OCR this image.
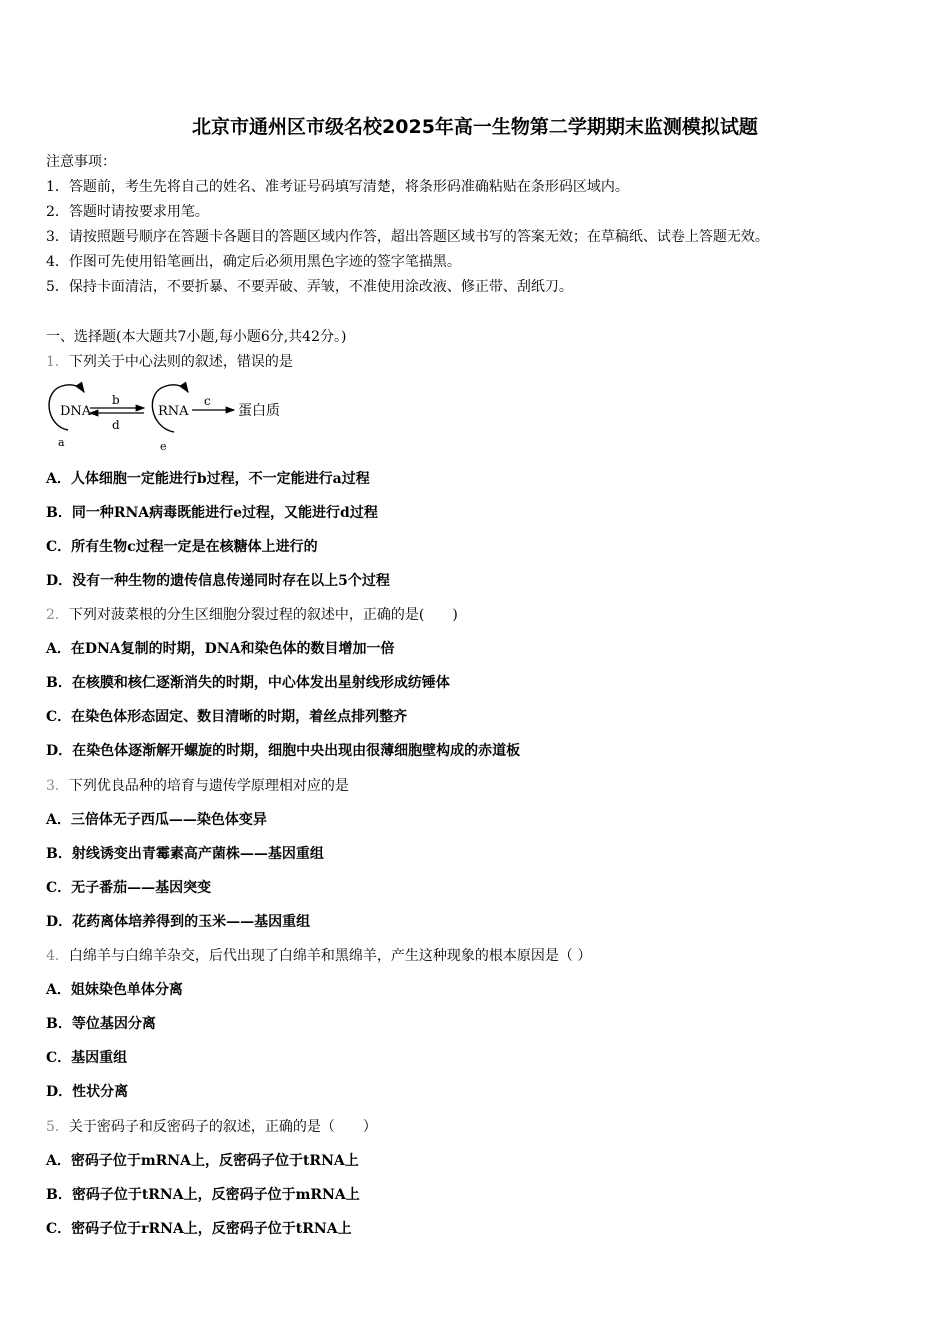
北京市通州区市级名校2025年高一生物第二学期期末监测模拟试题
注意事项：
1．答题前，考生先将自己的姓名、准考证号码填写清楚，将条形码准确粘贴在条形码区域内。
2．答题时请按要求用笔。
3．请按照题号顺序在答题卡各题目的答题区域内作答，超出答题区域书写的答案无效；在草稿纸、试卷上答题无效。
4．作图可先使用铅笔画出，确定后必须用黑色字迹的签字笔描黑。
5．保持卡面清洁，不要折暴、不要弄破、弄皱，不准使用涂改液、修正带、刮纸刀。
一、选择题(本大题共7小题,每小题6分,共42分。)
1．下列关于中心法则的叙述，错误的是
DNA
a
b
d
RNA
e
c
蛋白质
A．人体细胞一定能进行b过程，不一定能进行a过程
B．同一种RNA病毒既能进行e过程，又能进行d过程
C．所有生物c过程一定是在核糖体上进行的
D．没有一种生物的遗传信息传递同时存在以上5个过程
2．下列对菠菜根的分生区细胞分裂过程的叙述中，正确的是(　　)
A．在DNA复制的时期，DNA和染色体的数目增加一倍
B．在核膜和核仁逐渐消失的时期，中心体发出星射线形成纺锤体
C．在染色体形态固定、数目清晰的时期，着丝点排列整齐
D．在染色体逐渐解开螺旋的时期，细胞中央出现由很薄细胞壁构成的赤道板
3．下列优良品种的培育与遗传学原理相对应的是
A．三倍体无子西瓜——染色体变异
B．射线诱变出青霉素高产菌株——基因重组
C．无子番茄——基因突变
D．花药离体培养得到的玉米——基因重组
4．白绵羊与白绵羊杂交，后代出现了白绵羊和黑绵羊，产生这种现象的根本原因是（ ）
A．姐妹染色单体分离
B．等位基因分离
C．基因重组
D．性状分离
5．关于密码子和反密码子的叙述，正确的是（　　）
A．密码子位于mRNA上，反密码子位于tRNA上
B．密码子位于tRNA上，反密码子位于mRNA上
C．密码子位于rRNA上，反密码子位于tRNA上
